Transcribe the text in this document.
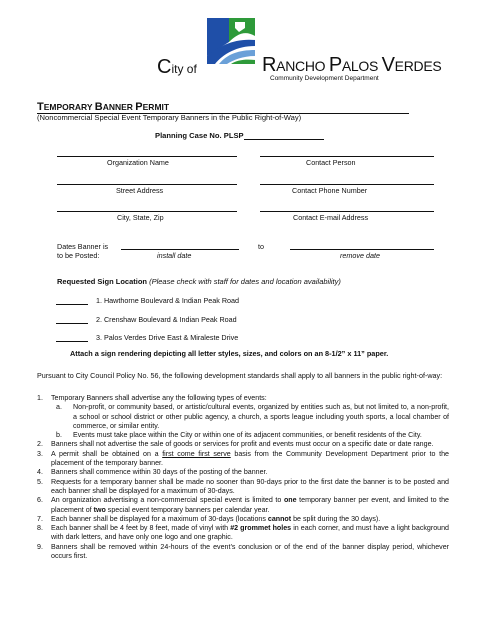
City of	RANCHO PALOS VERDES
Community Development Department
TEMPORARY BANNER PERMIT
(Noncommercial Special Event Temporary Banners in the Public Right-of-Way)
Planning Case No. PLSP
Organization Name	Contact Person
Street Address	Contact Phone Number
City, State, Zip	Contact E-mail Address
Dates Banner is
to be Posted:	install date
to
remove date
Requested Sign Location (Please check with staff for dates and location availability)
1. Hawthorne Boulevard & Indian Peak Road
2. Crenshaw Boulevard & Indian Peak Road
3. Palos Verdes Drive East & Miraleste Drive
Attach a sign rendering depicting all letter styles, sizes, and colors on an 8-1/2” x 11” paper.
Pursuant to City Council Policy No. 56, the following development standards shall apply to all banners in the public right-of-way:
1.	Temporary Banners shall advertise any the following types of events:
a.	Non-profit, or community based, or artistic/cultural events, organized by entities such as, but not limited to, a non-profit, a school or school district or other public agency, a church, a sports league including youth sports, a local chamber of commerce, or similar entity.
b.	Events must take place within the City or within one of its adjacent communities, or benefit residents of the City.
2.	Banners shall not advertise the sale of goods or services for profit and events must occur on a specific date or date range.
3.	A permit shall be obtained on a first come first serve basis from the Community Development Department prior to the placement of the temporary banner.
4.	Banners shall commence within 30 days of the posting of the banner.
5.	Requests for a temporary banner shall be made no sooner than 90-days prior to the first date the banner is to be posted and each banner shall be displayed for a maximum of 30-days.
6.	An organization advertising a non-commercial special event is limited to one temporary banner per event, and limited to the placement of two special event temporary banners per calendar year.
7.	Each banner shall be displayed for a maximum of 30-days (locations cannot be split during the 30 days).
8.	Each banner shall be 4 feet by 8 feet, made of vinyl with #2 grommet holes in each corner, and must have a light background with dark letters, and have only one logo and one graphic.
9.	Banners shall be removed within 24-hours of the event’s conclusion or of the end of the banner display period, whichever occurs first.
